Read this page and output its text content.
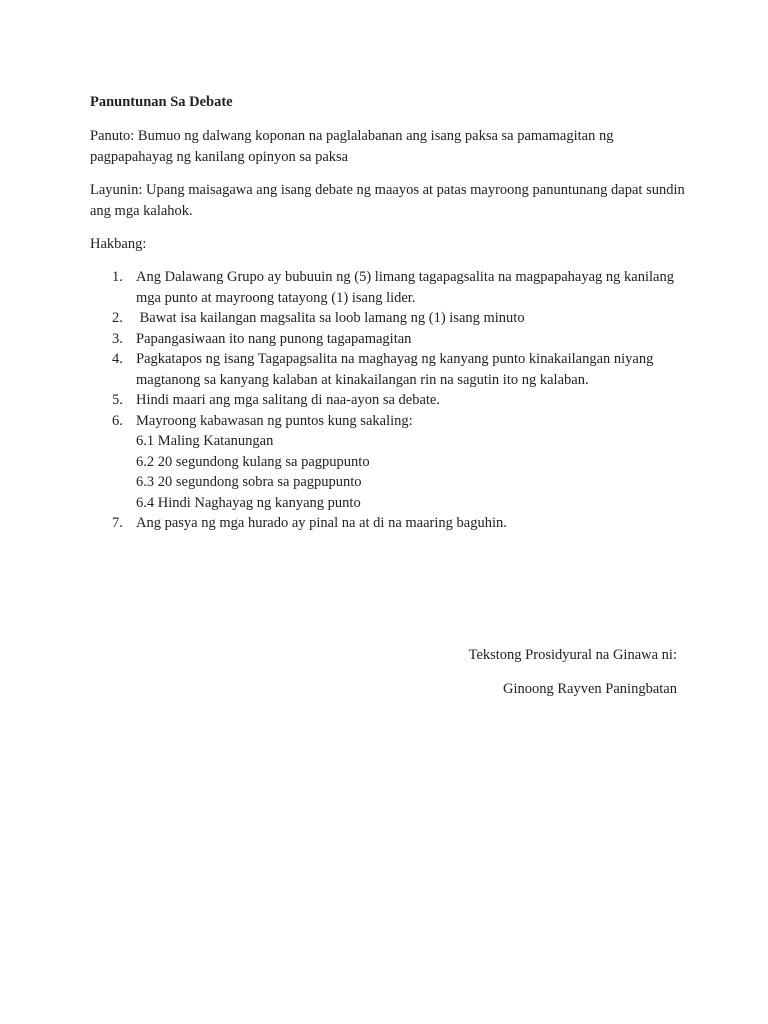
Panuntunan Sa Debate
Panuto: Bumuo ng dalwang koponan na paglalabanan ang isang paksa sa pamamagitan ng pagpapahayag ng kanilang opinyon sa paksa
Layunin: Upang maisagawa ang isang debate ng maayos at patas mayroong panuntunang dapat sundin ang mga kalahok.
Hakbang:
1. Ang Dalawang Grupo ay bubuuin ng (5) limang tagapagsalita na magpapahayag ng kanilang mga punto at mayroong tatayong (1) isang lider.
2. Bawat isa kailangan magsalita sa loob lamang ng (1) isang minuto
3. Papangasiwaan ito nang punong tagapamagitan
4. Pagkatapos ng isang Tagapagsalita na maghayag ng kanyang punto kinakailangan niyang magtanong sa kanyang kalaban at kinakailangan rin na sagutin ito ng kalaban.
5. Hindi maari ang mga salitang di naa-ayon sa debate.
6. Mayroong kabawasan ng puntos kung sakaling:
6.1 Maling Katanungan
6.2 20 segundong kulang sa pagpupunto
6.3 20 segundong sobra sa pagpupunto
6.4 Hindi Naghayag ng kanyang punto
7. Ang pasya ng mga hurado ay pinal na at di na maaring baguhin.
Tekstong Prosidyural na Ginawa ni:
Ginoong Rayven Paningbatan
